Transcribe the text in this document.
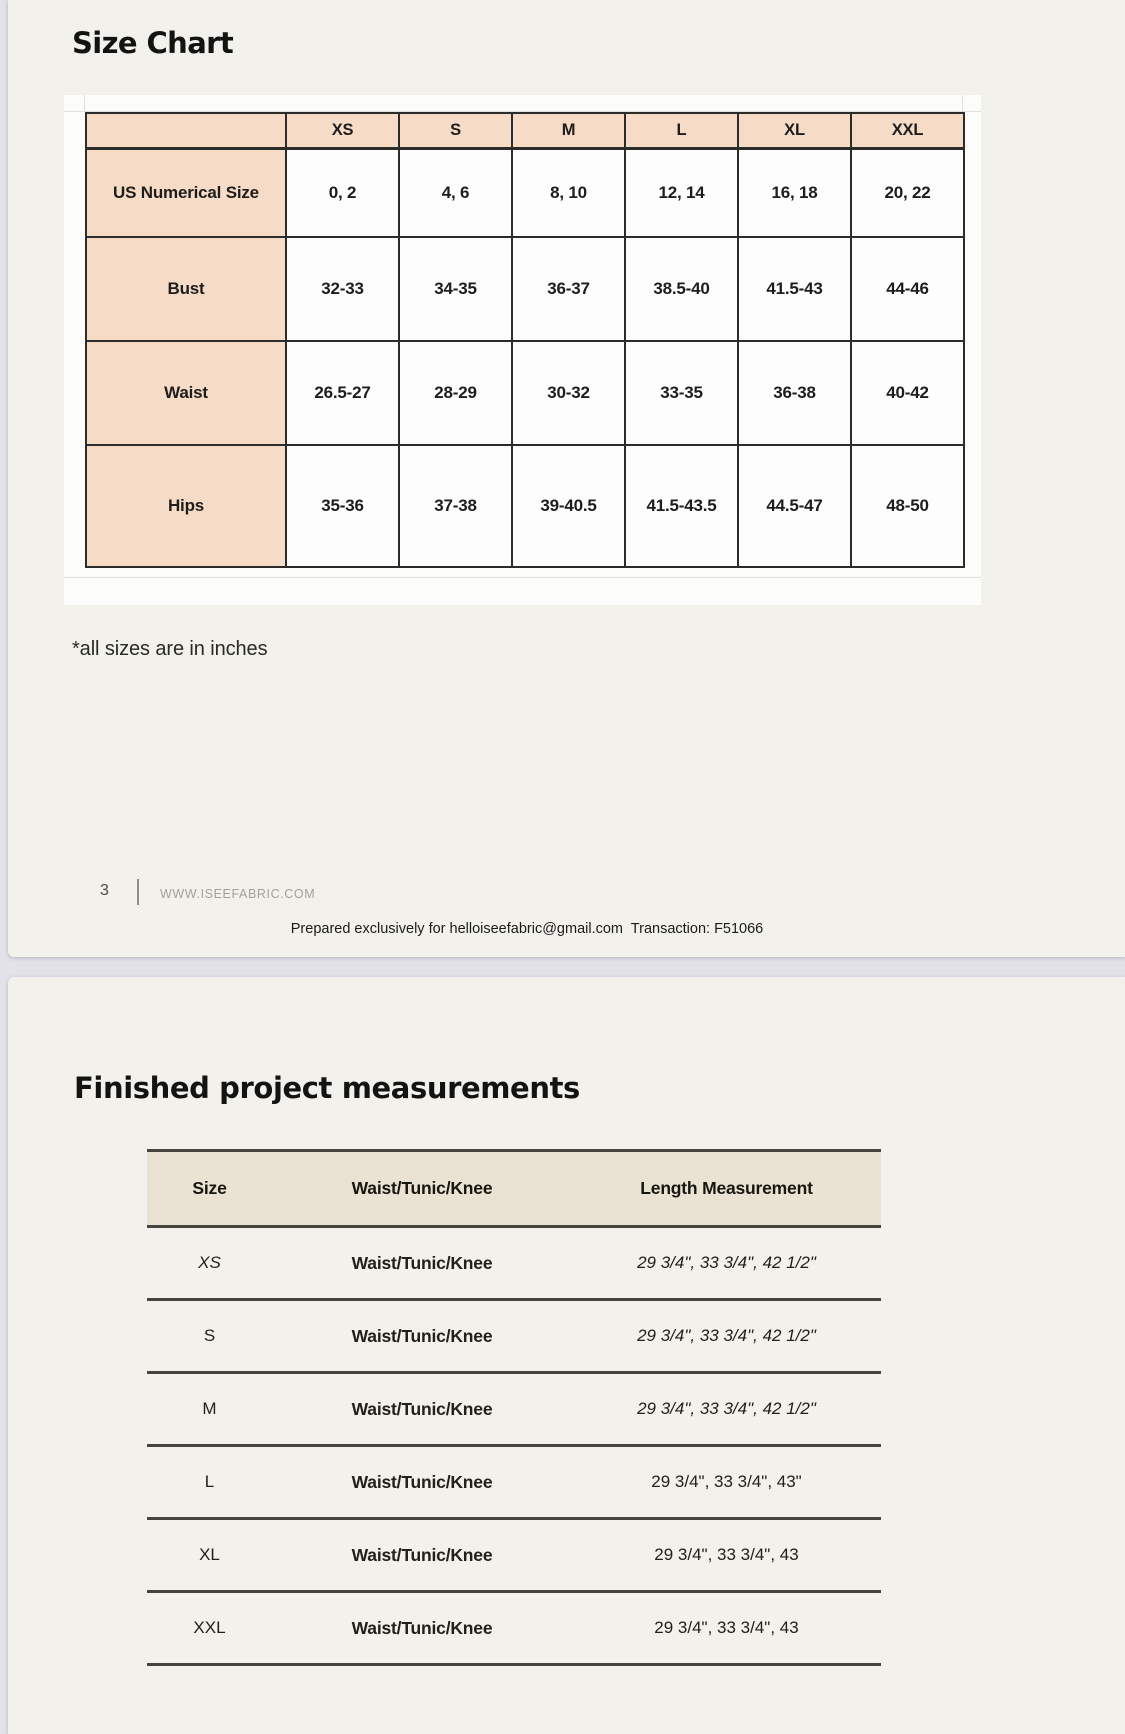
Size Chart
	XS	S	M	L	XL	XXL
US Numerical Size	0, 2	4, 6	8, 10	12, 14	16, 18	20, 22
Bust	32-33	34-35	36-37	38.5-40	41.5-43	44-46
Waist	26.5-27	28-29	30-32	33-35	36-38	40-42
Hips	35-36	37-38	39-40.5	41.5-43.5	44.5-47	48-50
*all sizes are in inches
3	WWW.ISEEFABRIC.COM
Prepared exclusively for helloiseefabric@gmail.com  Transaction: F51066
Finished project measurements
Size	Waist/Tunic/Knee	Length Measurement
XS	Waist/Tunic/Knee	29 3/4", 33 3/4", 42 1/2"
S	Waist/Tunic/Knee	29 3/4", 33 3/4", 42 1/2"
M	Waist/Tunic/Knee	29 3/4", 33 3/4", 42 1/2"
L	Waist/Tunic/Knee	29 3/4", 33 3/4", 43"
XL	Waist/Tunic/Knee	29 3/4", 33 3/4", 43
XXL	Waist/Tunic/Knee	29 3/4", 33 3/4", 43
